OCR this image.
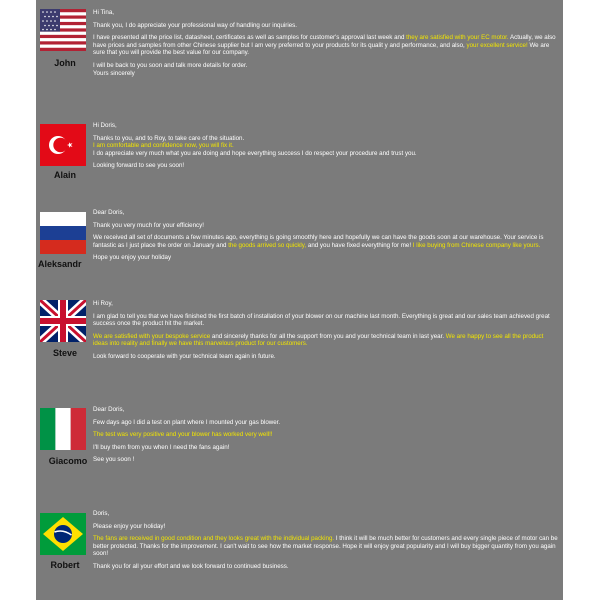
John

Hi Tina,

Thank you, I do appreciate your professional way of handling our inquiries.

I have presented all the price list, datasheet, certificates as well as samples for customer's approval last week and they are satisfied with your EC motor. Actually, we also have prices and samples from other Chinese supplier but I am very preferred to your products for its qualit y and performance, and also, your excellent service! We are sure that you will provide the best value for our company.

I will be back to you soon and talk more details for order.

Yours sincerely

Alain

Hi Doris,

Thanks to you, and to Roy, to take care of the situation.

I am comfortable and confidence now, you will fix it.

I do appreciate very much what you are doing and hope everything success I do respect your procedure and trust you.

Looking forward to see you soon!

Aleksandr

Dear Doris,

Thank you very much for your efficiency!

We received all set of documents a few minutes ago, everything is going smoothly here and hopefully we can have the goods soon at our warehouse. Your service is fantastic as I just place the order on January and the goods arrived so quickly, and you have fixed everything for me! I like buying from Chinese company like yours.

Hope you enjoy your holiday

Steve

Hi Roy,

I am glad to tell you that we have finished the first batch of installation of your blower on our machine last month. Everything is great and our sales team achieved great success once the product hit the market.

We are satisfied with your bespoke service and sincerely thanks for all the support from you and your technical team in last year. We are happy to see all the product ideas into reality and finally we have this marvelous product for our customers.

Look forward to cooperate with your technical team again in future.

Giacomo

Dear Doris,

Few days ago I did a test on plant where I mounted your gas blower.

The test was very positive and your blower has worked very well!!

I'll buy them from you when I need the fans again!

See you soon !

Robert

Doris,

Please enjoy your holiday!

The fans are received in good condition and they looks great with the individual packing. I think it will be much better for customers and every single piece of motor can be better protected. Thanks for the improvement. I can't wait to see how the market response. Hope it will enjoy great popularity and I will buy bigger quantity from you again soon!

Thank you for all your effort and we look forward to continued business.
